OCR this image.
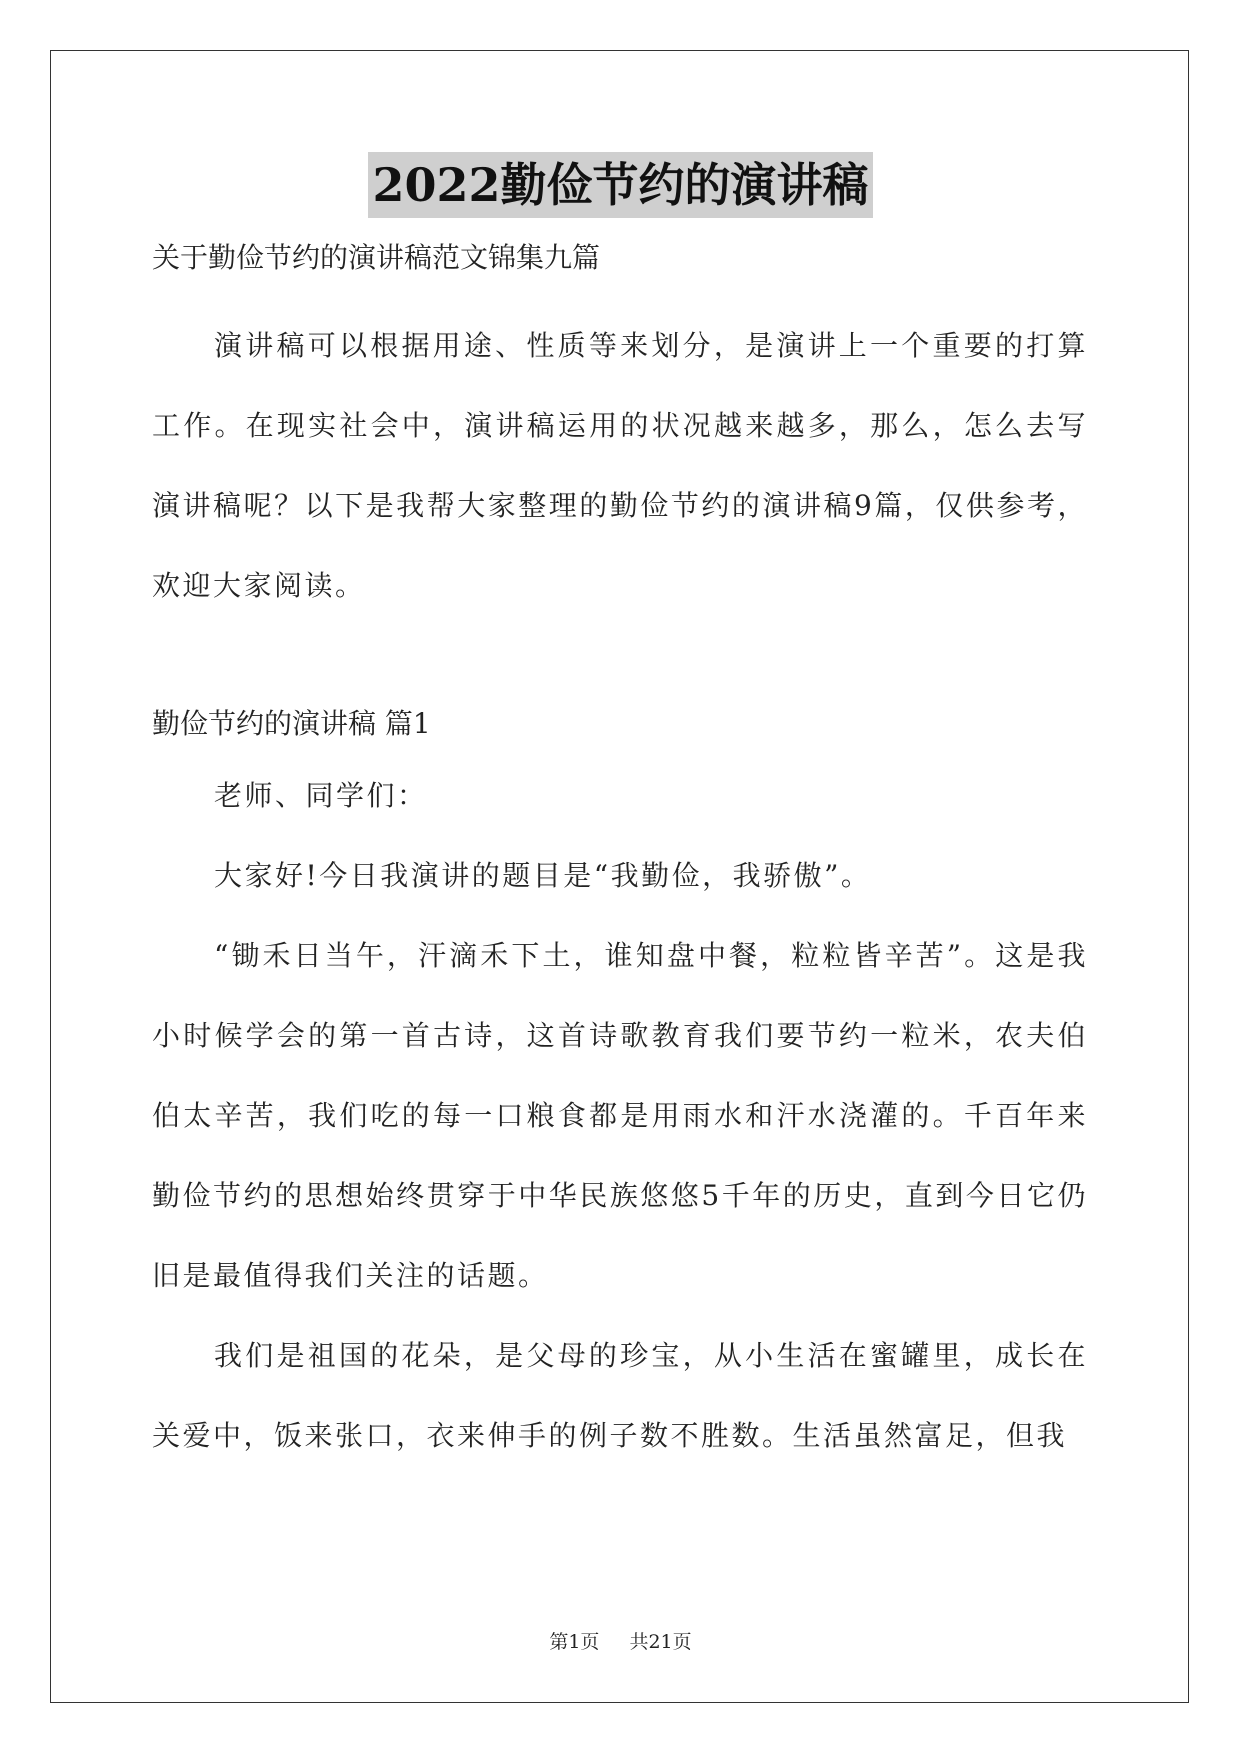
2022勤俭节约的演讲稿

关于勤俭节约的演讲稿范文锦集九篇

演讲稿可以根据用途、性质等来划分，是演讲上一个重要的打算工作。在现实社会中，演讲稿运用的状况越来越多，那么，怎么去写演讲稿呢？以下是我帮大家整理的勤俭节约的演讲稿9篇，仅供参考，欢迎大家阅读。

勤俭节约的演讲稿 篇1

老师、同学们：

大家好!今日我演讲的题目是“我勤俭，我骄傲”。

“锄禾日当午，汗滴禾下土，谁知盘中餐，粒粒皆辛苦”。这是我小时候学会的第一首古诗，这首诗歌教育我们要节约一粒米，农夫伯伯太辛苦，我们吃的每一口粮食都是用雨水和汗水浇灌的。千百年来勤俭节约的思想始终贯穿于中华民族悠悠5千年的历史，直到今日它仍旧是最值得我们关注的话题。

我们是祖国的花朵，是父母的珍宝，从小生活在蜜罐里，成长在关爱中，饭来张口，衣来伸手的例子数不胜数。生活虽然富足，但我

第1页 共21页
